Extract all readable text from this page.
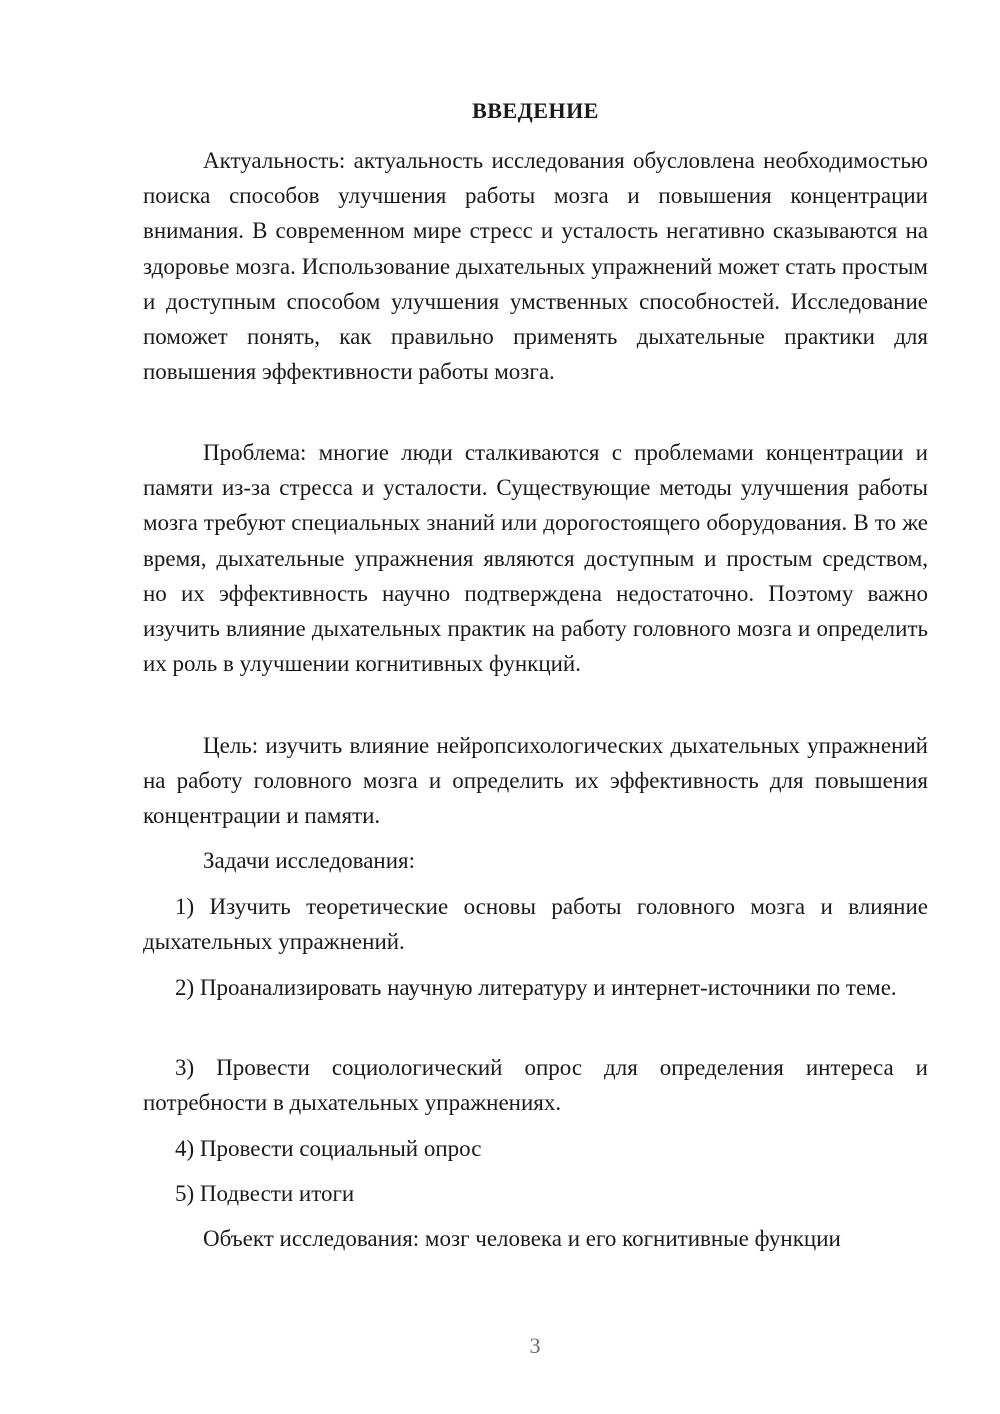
ВВЕДЕНИЕ

Актуальность: актуальность исследования обусловлена необходимостью поиска способов улучшения работы мозга и повышения концентрации внимания. В современном мире стресс и усталость негативно сказываются на здоровье мозга. Использование дыхательных упражнений может стать простым и доступным способом улучшения умственных способностей. Исследование поможет понять, как правильно применять дыхательные практики для повышения эффективности работы мозга.

Проблема: многие люди сталкиваются с проблемами концентрации и памяти из-за стресса и усталости. Существующие методы улучшения работы мозга требуют специальных знаний или дорогостоящего оборудования. В то же время, дыхательные упражнения являются доступным и простым средством, но их эффективность научно подтверждена недостаточно. Поэтому важно изучить влияние дыхательных практик на работу головного мозга и определить их роль в улучшении когнитивных функций.

Цель: изучить влияние нейропсихологических дыхательных упражнений на работу головного мозга и определить их эффективность для повышения концентрации и памяти.

Задачи исследования:

1) Изучить теоретические основы работы головного мозга и влияние дыхательных упражнений.

2) Проанализировать научную литературу и интернет-источники по теме.

3) Провести социологический опрос для определения интереса и потребности в дыхательных упражнениях.

4) Провести социальный опрос

5) Подвести итоги

Объект исследования: мозг человека и его когнитивные функции

3
